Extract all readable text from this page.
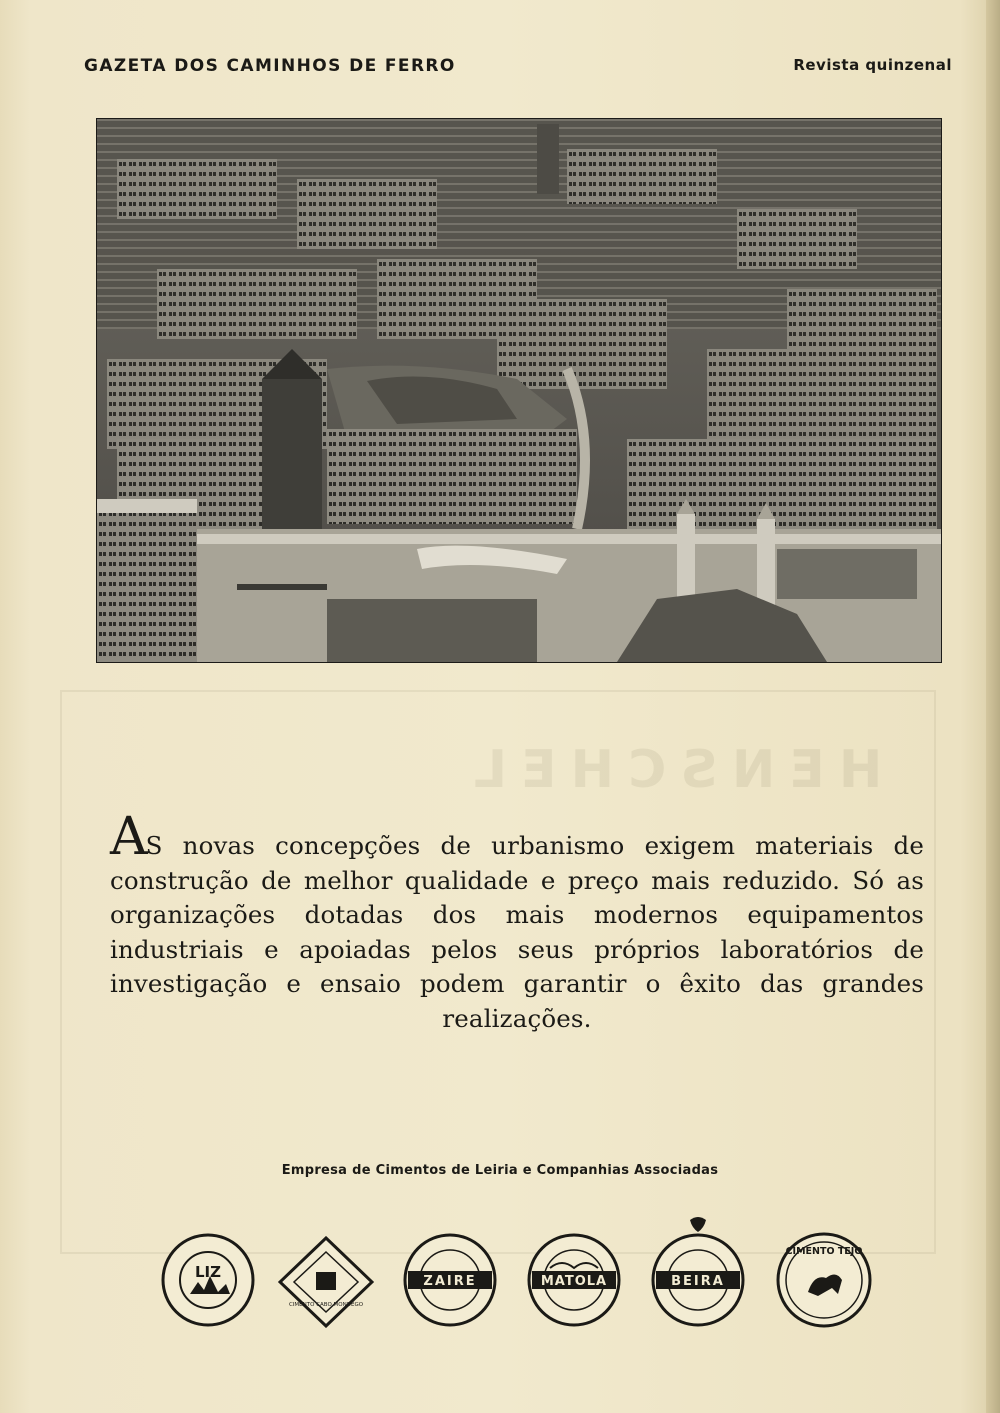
GAZETA DOS CAMINHOS DE FERRO	Revista quinzenal
HENSCHEL
AS novas concepções de urbanismo exigem materiais de construção de melhor qualidade e preço mais reduzido. Só as organizações dotadas dos mais modernos equipamentos industriais e apoiadas pelos seus próprios laboratórios de investigação e ensaio podem garantir o êxito das grandes realizações.
Empresa de Cimentos de Leiria e Companhias Associadas
LIZ
CIMENTO CABO MONDEGO
ZAIRE	MATOLA	BEIRA
CIMENTO TEJO
